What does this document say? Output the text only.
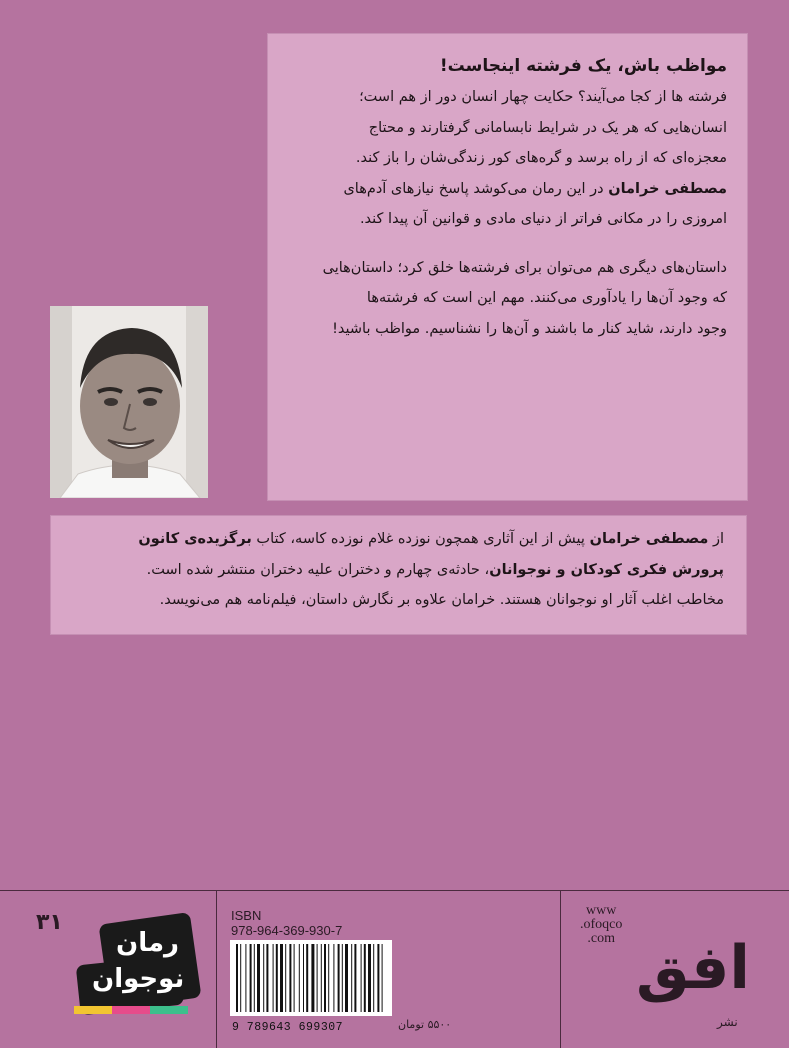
مواظب باش، یک فرشته اینجاست!

فرشته ها از کجا می‌آیند؟ حکایت چهار انسان دور از هم است؛

انسان‌هایی که هر یک در شرایط نابسامانی گرفتارند و محتاج

معجزه‌ای که از راه برسد و گره‌های کور زندگی‌شان را باز کند.

مصطفی خرامان در این رمان می‌کوشد پاسخ نیازهای آدم‌های

امروزی را در مکانی فراتر از دنیای مادی و قوانین آن پیدا کند.

داستان‌های دیگری هم می‌توان برای فرشته‌ها خلق کرد؛ داستان‌هایی

که وجود آن‌ها را یادآوری می‌کنند. مهم این است که فرشته‌ها

وجود دارند، شاید کنار ما باشند و آن‌ها را نشناسیم. مواظب باشید!

از مصطفی خرامان پیش از این آثاری همچون نوزده غلام نوزده کاسه، کتاب برگزیده‌ی کانون

پرورش فکری کودکان و نوجوانان، حادثه‌ی چهارم و دختران علیه دختران منتشر شده است.

مخاطب اغلب آثار او نوجوانان هستند. خرامان علاوه بر نگارش داستان، فیلم‌نامه هم می‌نویسد.

۳۱
رمان
نوجوان
ISBN
978-964-369-930-7
9 789643 699307	۵۵۰۰ تومان
www
.ofoqco
.com افق
نشر
